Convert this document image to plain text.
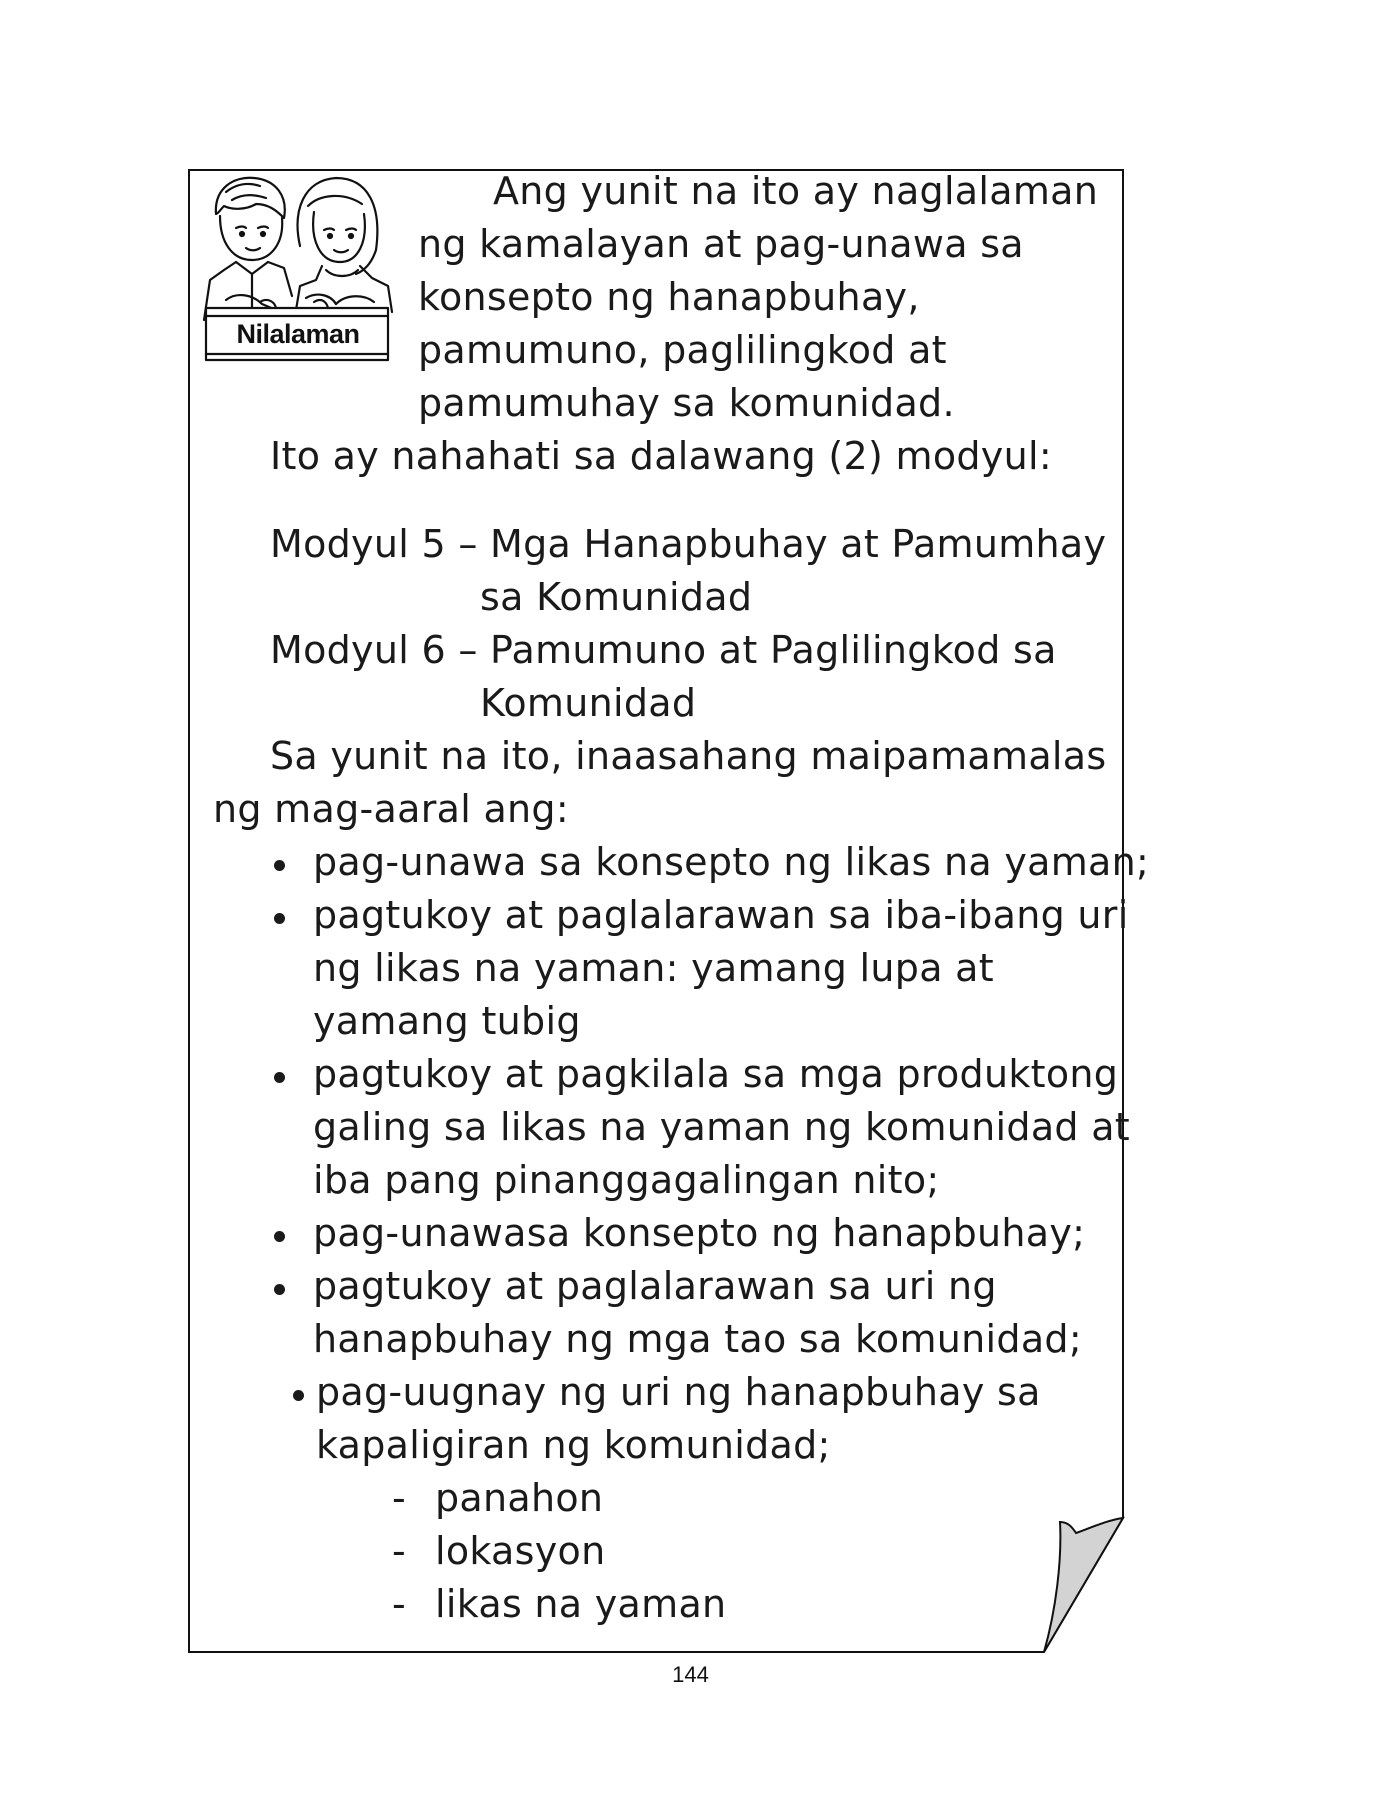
Nilalaman
Ang yunit na ito ay naglalaman
ng kamalayan at pag-unawa sa
konsepto ng hanapbuhay,
pamumuno, paglilingkod at
pamumuhay sa komunidad.
Ito ay nahahati sa dalawang (2) modyul:
Modyul 5 – Mga Hanapbuhay at Pamumhay
sa Komunidad
Modyul 6 – Pamumuno at Paglilingkod sa
Komunidad
Sa yunit na ito, inaasahang maipamamalas
ng mag-aaral ang:
pag-unawa sa konsepto ng likas na yaman;
pagtukoy at paglalarawan sa iba-ibang uri
ng likas na yaman: yamang lupa at
yamang tubig
pagtukoy at pagkilala sa mga produktong
galing sa likas na yaman ng komunidad at
iba pang pinanggagalingan nito;
pag-unawasa konsepto ng hanapbuhay;
pagtukoy at paglalarawan sa uri ng
hanapbuhay ng mga tao sa komunidad;
pag-uugnay ng uri ng hanapbuhay sa
kapaligiran ng komunidad;
- panahon
- lokasyon
- likas na yaman
144
